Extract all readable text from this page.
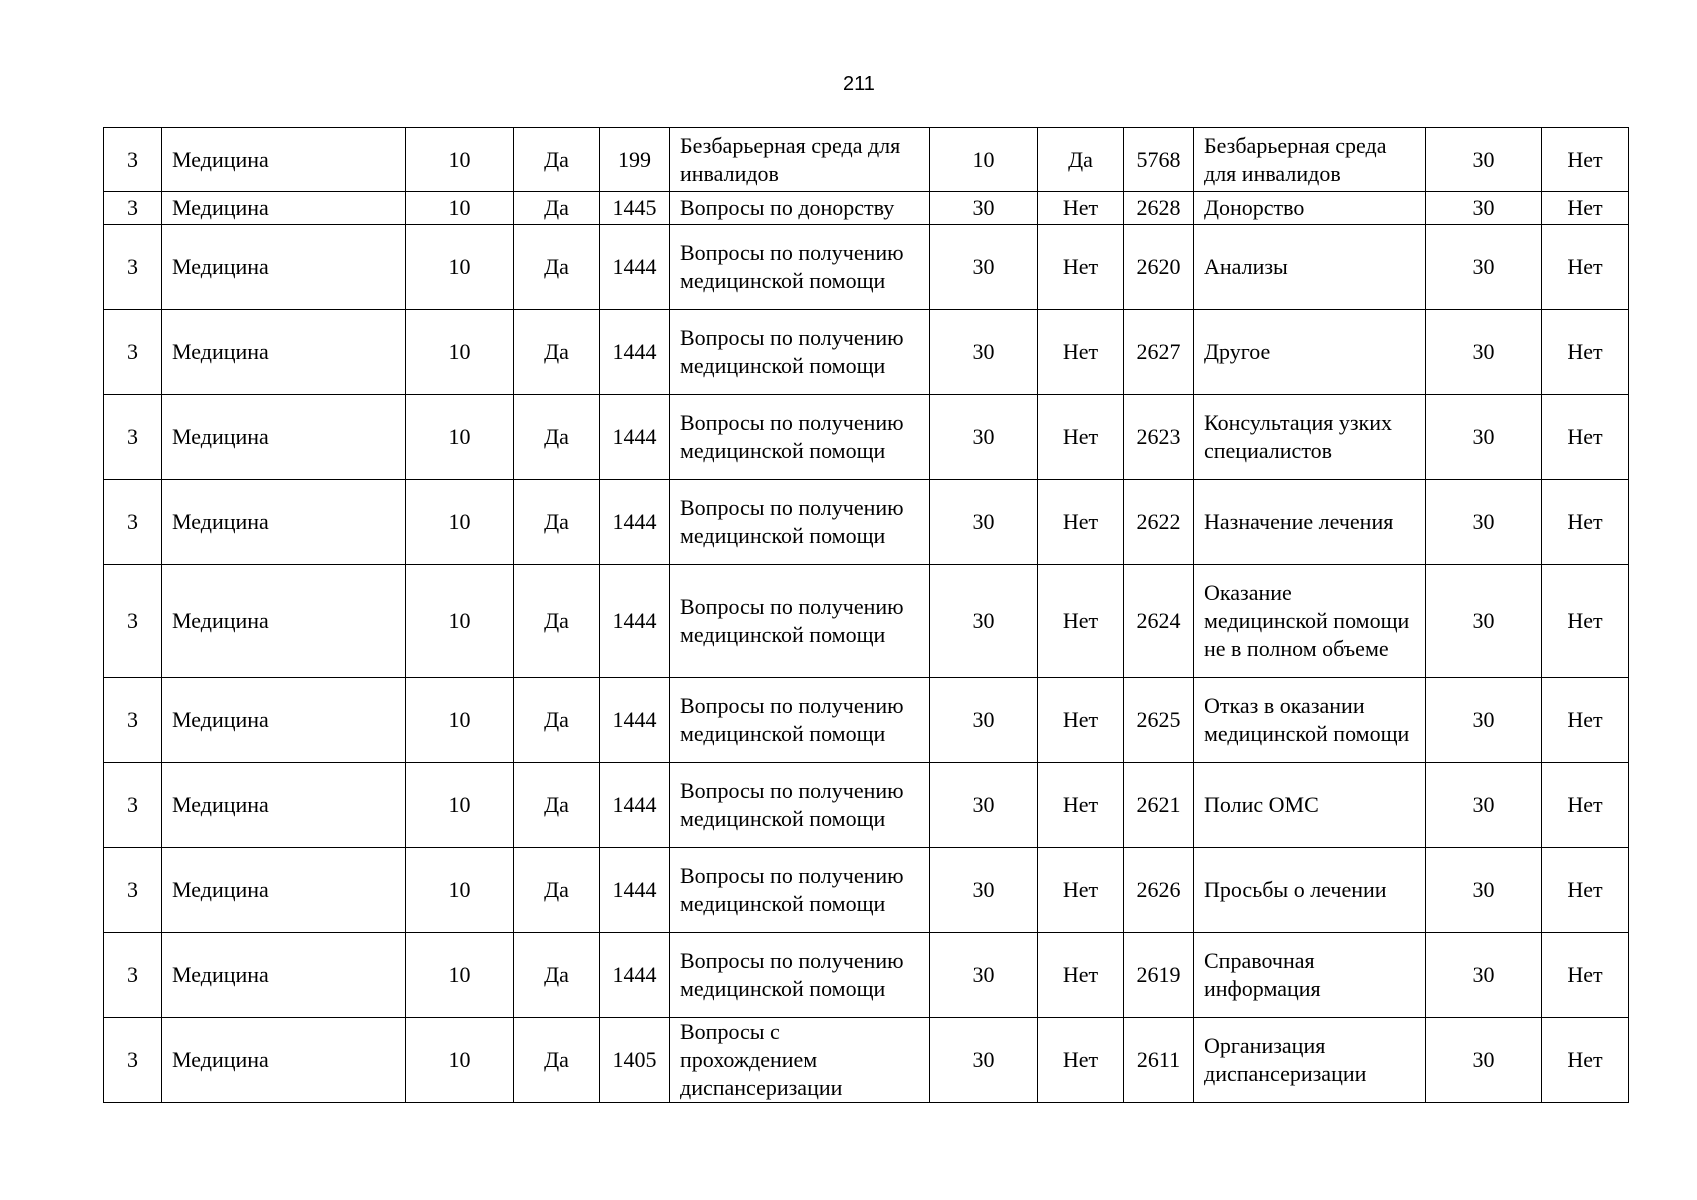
211
3	Медицина	10	Да	199	Безбарьерная среда для инвалидов	10	Да	5768	Безбарьерная среда для инвалидов	30	Нет
3	Медицина	10	Да	1445	Вопросы по донорству	30	Нет	2628	Донорство	30	Нет
3	Медицина	10	Да	1444	Вопросы по получению медицинской помощи	30	Нет	2620	Анализы	30	Нет
3	Медицина	10	Да	1444	Вопросы по получению медицинской помощи	30	Нет	2627	Другое	30	Нет
3	Медицина	10	Да	1444	Вопросы по получению медицинской помощи	30	Нет	2623	Консультация узких специалистов	30	Нет
3	Медицина	10	Да	1444	Вопросы по получению медицинской помощи	30	Нет	2622	Назначение лечения	30	Нет
3	Медицина	10	Да	1444	Вопросы по получению медицинской помощи	30	Нет	2624	Оказание медицинской помощи не в полном объеме	30	Нет
3	Медицина	10	Да	1444	Вопросы по получению медицинской помощи	30	Нет	2625	Отказ в оказании медицинской помощи	30	Нет
3	Медицина	10	Да	1444	Вопросы по получению медицинской помощи	30	Нет	2621	Полис ОМС	30	Нет
3	Медицина	10	Да	1444	Вопросы по получению медицинской помощи	30	Нет	2626	Просьбы о лечении	30	Нет
3	Медицина	10	Да	1444	Вопросы по получению медицинской помощи	30	Нет	2619	Справочная информация	30	Нет
3	Медицина	10	Да	1405	Вопросы с прохождением диспансеризации	30	Нет	2611	Организация диспансеризации	30	Нет
